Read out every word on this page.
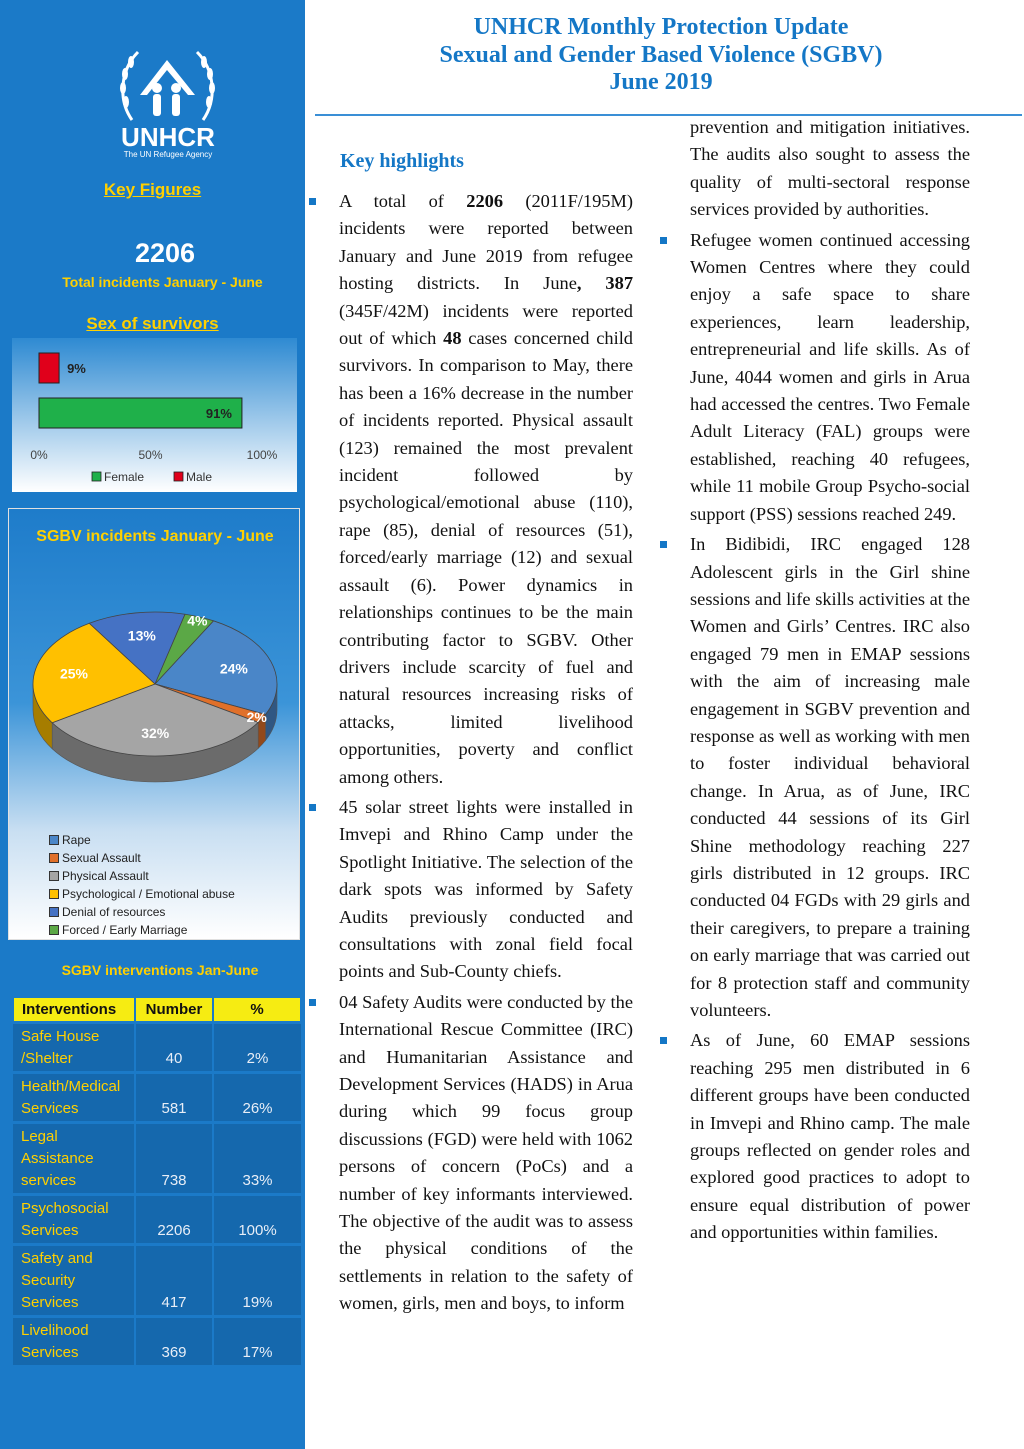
UNHCR
The UN Refugee Agency
Key Figures
2206
Total incidents January - June
Sex of survivors
9%
91%
0%	50%	100%
Female	Male
SGBV incidents January - June
24%
2%
32%
25%
13%
4%
Rape
Sexual Assault
Physical Assault
Psychological / Emotional abuse
Denial of resources
Forced / Early Marriage
SGBV interventions Jan-June
Interventions	Number	%
Safe House /Shelter	40	2%
Health/Medical Services	581	26%
Legal Assistance services	738	33%
Psychosocial Services	2206	100%
Safety and Security Services	417	19%
Livelihood Services	369	17%
UNHCR Monthly Protection Update
Sexual and Gender Based Violence (SGBV)
June 2019
Key highlights
A total of 2206 (2011F/195M) incidents were reported between January and June 2019 from refugee hosting districts. In June, 387 (345F/42M) incidents were reported out of which 48 cases concerned child survivors. In comparison to May, there has been a 16% decrease in the number of incidents reported. Physical assault (123) remained the most prevalent incident followed by psychological/emotional abuse (110), rape (85), denial of resources (51), forced/early marriage (12) and sexual assault (6). Power dynamics in relationships continues to be the main contributing factor to SGBV. Other drivers include scarcity of fuel and natural resources increasing risks of attacks, limited livelihood opportunities, poverty and conflict among others.
45 solar street lights were installed in Imvepi and Rhino Camp under the Spotlight Initiative. The selection of the dark spots was informed by Safety Audits previously conducted and consultations with zonal field focal points and Sub-County chiefs.
04 Safety Audits were conducted by the International Rescue Committee (IRC) and Humanitarian Assistance and Development Services (HADS) in Arua during which 99 focus group discussions (FGD) were held with 1062 persons of concern (PoCs) and a number of key informants interviewed. The objective of the audit was to assess the physical conditions of the settlements in relation to the safety of women, girls, men and boys, to inform
prevention and mitigation initiatives. The audits also sought to assess the quality of multi-sectoral response services provided by authorities.
Refugee women continued accessing Women Centres where they could enjoy a safe space to share experiences, learn leadership, entrepreneurial and life skills. As of June, 4044 women and girls in Arua had accessed the centres. Two Female Adult Literacy (FAL) groups were established, reaching 40 refugees, while 11 mobile Group Psycho-social support (PSS) sessions reached 249.
In Bidibidi, IRC engaged 128 Adolescent girls in the Girl shine sessions and life skills activities at the Women and Girls’ Centres. IRC also engaged 79 men in EMAP sessions with the aim of increasing male engagement in SGBV prevention and response as well as working with men to foster individual behavioral change. In Arua, as of June, IRC conducted 44 sessions of its Girl Shine methodology reaching 227 girls distributed in 12 groups. IRC conducted 04 FGDs with 29 girls and their caregivers, to prepare a training on early marriage that was carried out for 8 protection staff and community volunteers.
As of June, 60 EMAP sessions reaching 295 men distributed in 6 different groups have been conducted in Imvepi and Rhino camp. The male groups reflected on gender roles and explored good practices to adopt to ensure equal distribution of power and opportunities within families.
